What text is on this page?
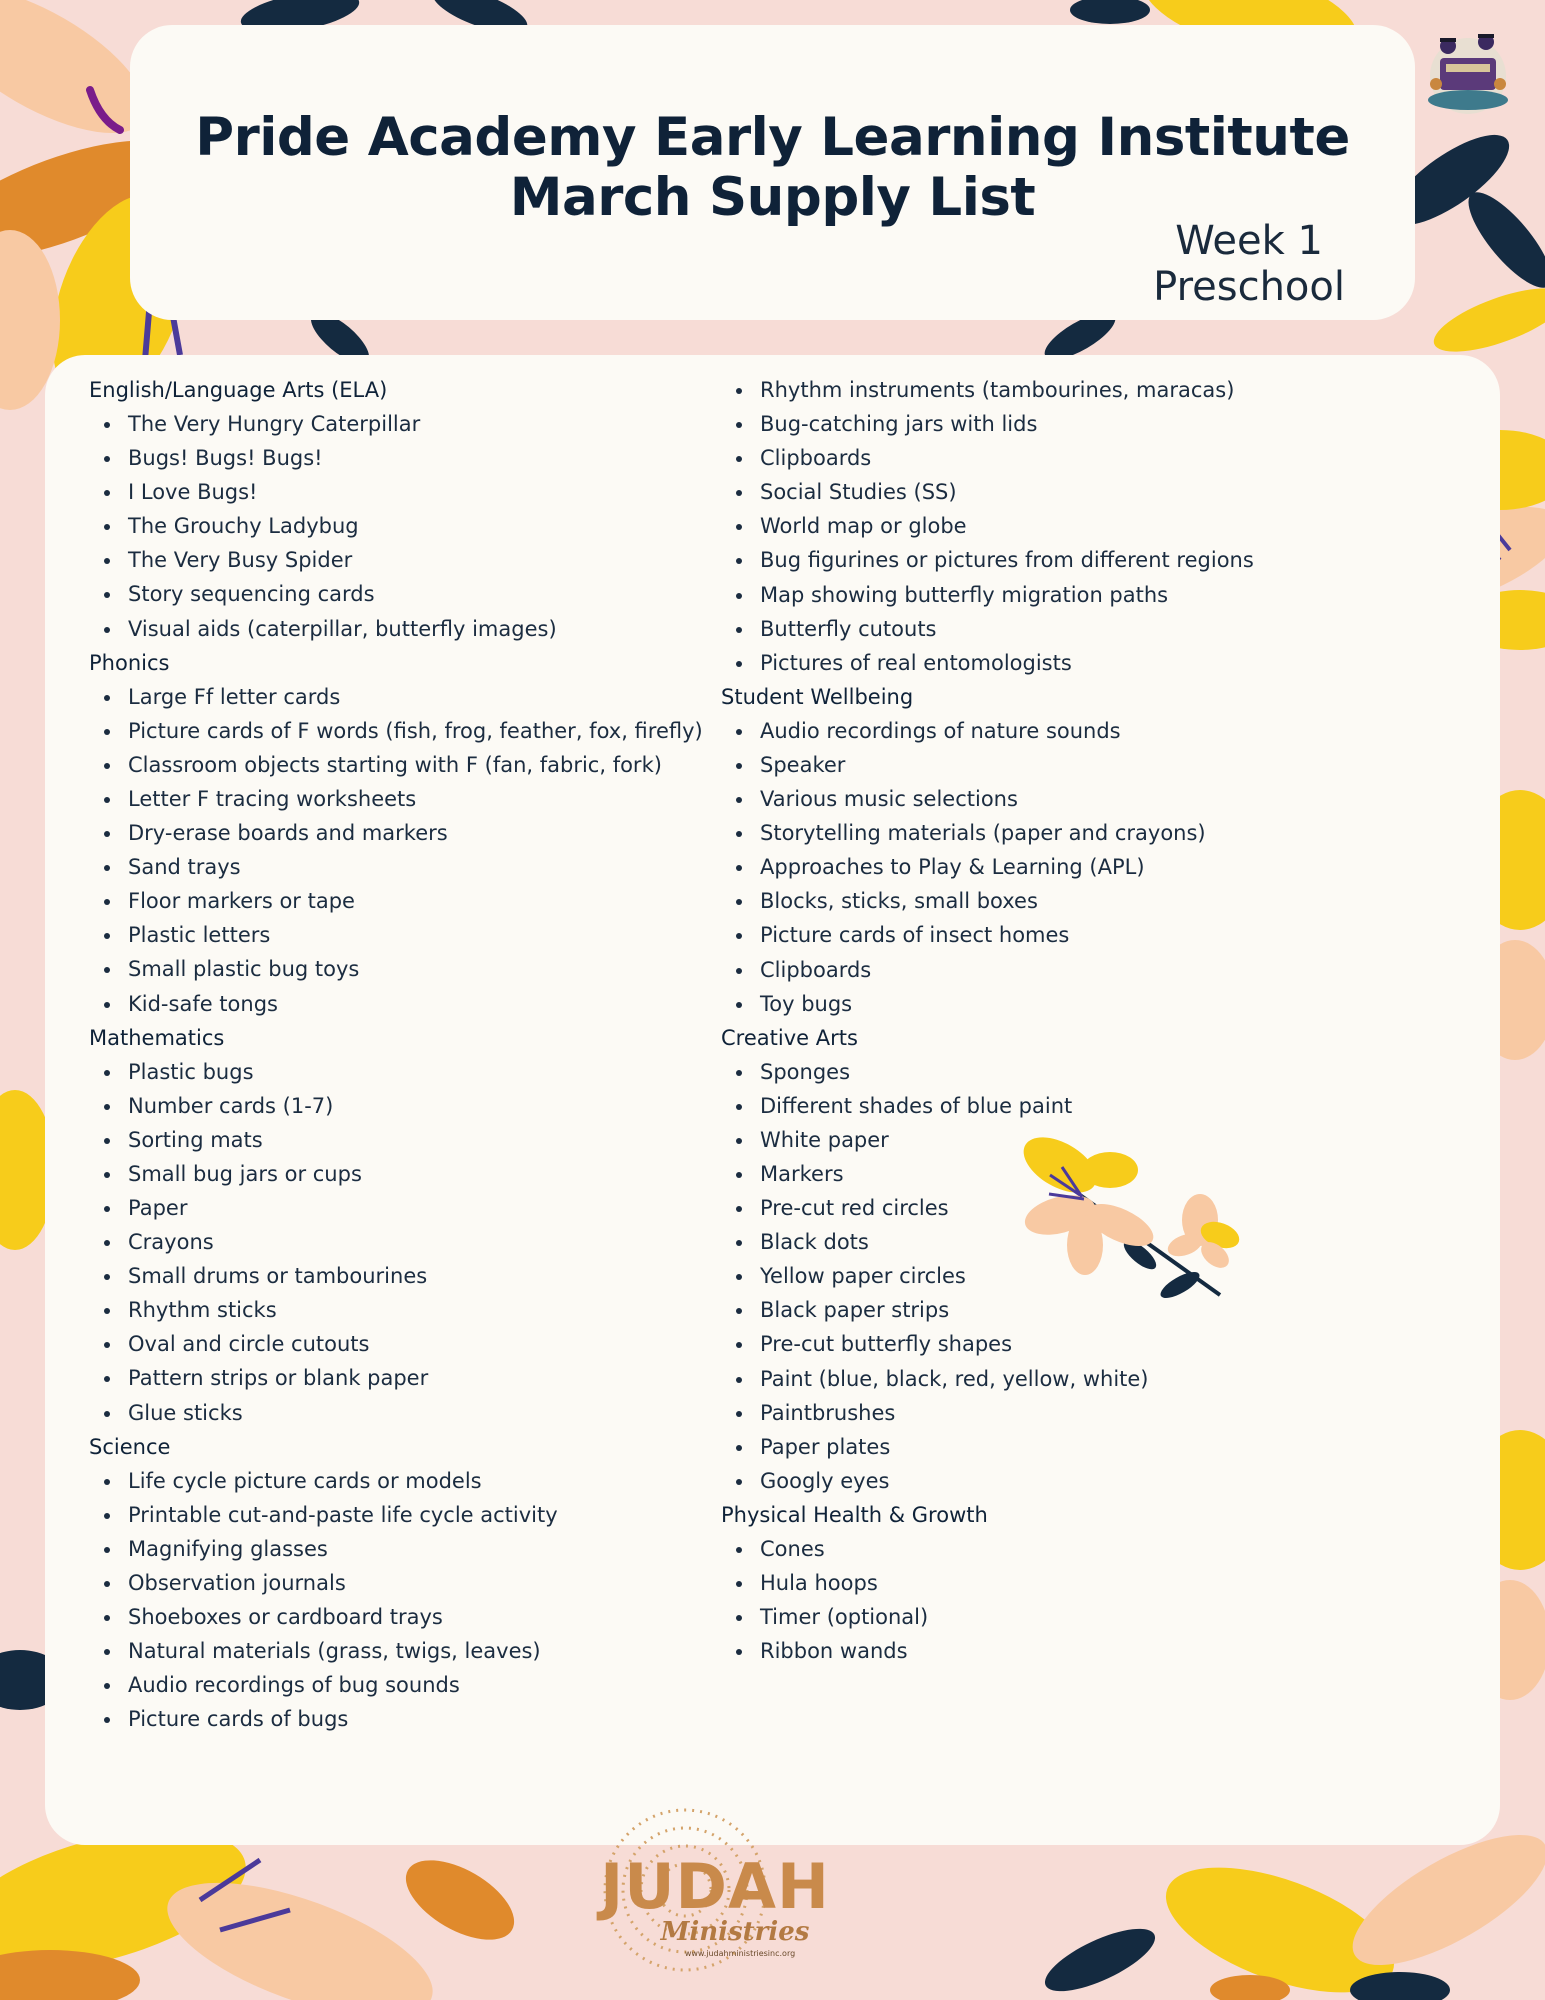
Pride Academy Early Learning Institute
March Supply List
Week 1
Preschool
English/Language Arts (ELA)
The Very Hungry Caterpillar
Bugs! Bugs! Bugs!
I Love Bugs!
The Grouchy Ladybug
The Very Busy Spider
Story sequencing cards
Visual aids (caterpillar, butterfly images)
Phonics
Large Ff letter cards
Picture cards of F words (fish, frog, feather, fox, firefly)
Classroom objects starting with F (fan, fabric, fork)
Letter F tracing worksheets
Dry-erase boards and markers
Sand trays
Floor markers or tape
Plastic letters
Small plastic bug toys
Kid-safe tongs
Mathematics
Plastic bugs
Number cards (1-7)
Sorting mats
Small bug jars or cups
Paper
Crayons
Small drums or tambourines
Rhythm sticks
Oval and circle cutouts
Pattern strips or blank paper
Glue sticks
Science
Life cycle picture cards or models
Printable cut-and-paste life cycle activity
Magnifying glasses
Observation journals
Shoeboxes or cardboard trays
Natural materials (grass, twigs, leaves)
Audio recordings of bug sounds
Picture cards of bugs
Rhythm instruments (tambourines, maracas)
Bug-catching jars with lids
Clipboards
Social Studies (SS)
World map or globe
Bug figurines or pictures from different regions
Map showing butterfly migration paths
Butterfly cutouts
Pictures of real entomologists
Student Wellbeing
Audio recordings of nature sounds
Speaker
Various music selections
Storytelling materials (paper and crayons)
Approaches to Play & Learning (APL)
Blocks, sticks, small boxes
Picture cards of insect homes
Clipboards
Toy bugs
Creative Arts
Sponges
Different shades of blue paint
White paper
Markers
Pre-cut red circles
Black dots
Yellow paper circles
Black paper strips
Pre-cut butterfly shapes
Paint (blue, black, red, yellow, white)
Paintbrushes
Paper plates
Googly eyes
Physical Health & Growth
Cones
Hula hoops
Timer (optional)
Ribbon wands
JUDAH
Ministries
www.judahministriesinc.org
